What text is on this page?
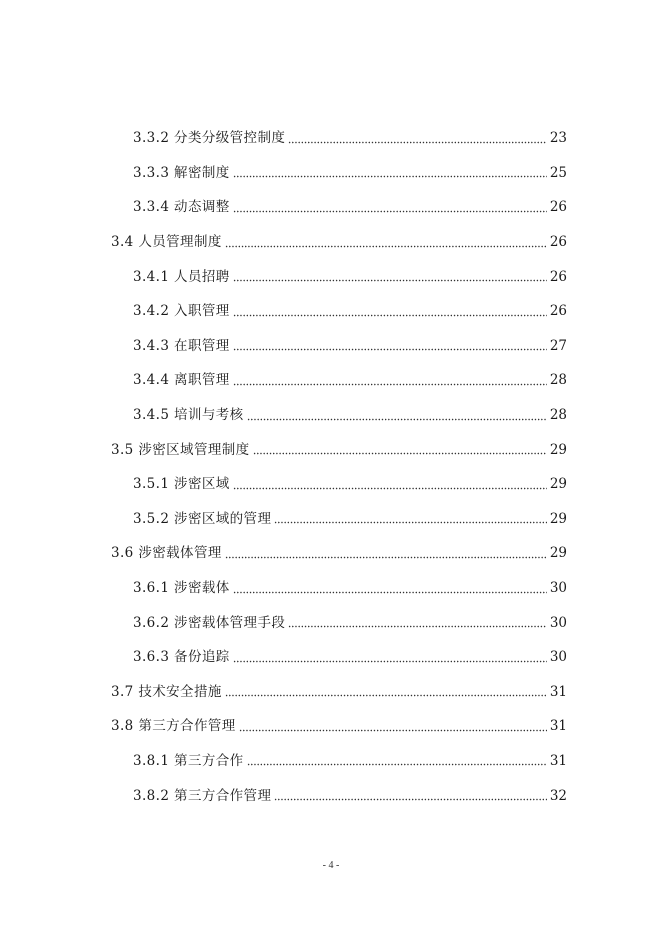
3.3.2 分类分级管控制度	23
3.3.3 解密制度	25
3.3.4 动态调整	26
3.4 人员管理制度	26
3.4.1 人员招聘	26
3.4.2 入职管理	26
3.4.3 在职管理	27
3.4.4 离职管理	28
3.4.5 培训与考核	28
3.5 涉密区域管理制度	29
3.5.1 涉密区域	29
3.5.2 涉密区域的管理	29
3.6 涉密载体管理	29
3.6.1 涉密载体	30
3.6.2 涉密载体管理手段	30
3.6.3 备份追踪	30
3.7 技术安全措施	31
3.8 第三方合作管理	31
3.8.1 第三方合作	31
3.8.2 第三方合作管理	32
- 4 -
